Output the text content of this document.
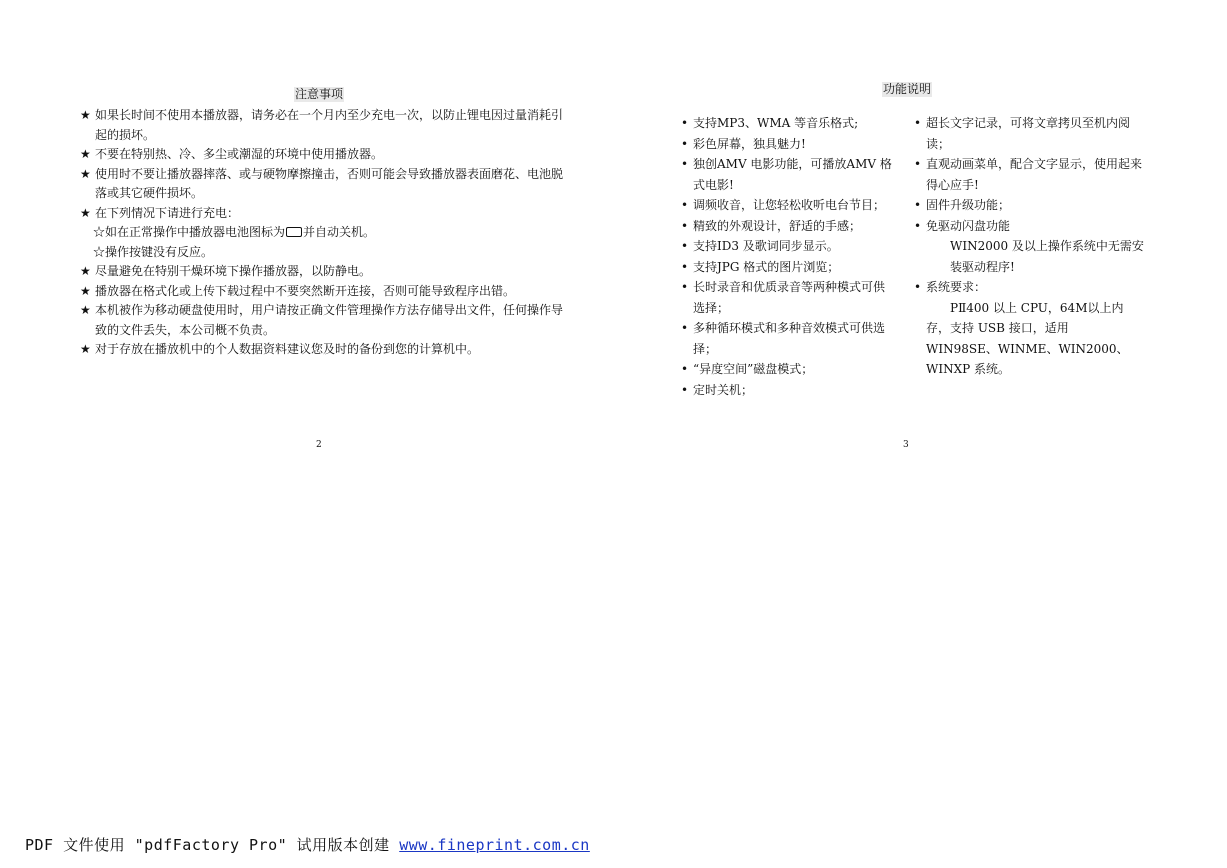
注意事项
★ 如果长时间不使用本播放器，请务必在一个月内至少充电一次，以防止锂电因过量消耗引起的损坏。
★ 不要在特别热、冷、多尘或潮湿的环境中使用播放器。
★ 使用时不要让播放器摔落、或与硬物摩擦撞击，否则可能会导致播放器表面磨花、电池脱落或其它硬件损坏。
★ 在下列情况下请进行充电：
☆如在正常操作中播放器电池图标为 并自动关机。
☆操作按键没有反应。
★ 尽量避免在特别干燥环境下操作播放器，以防静电。
★ 播放器在格式化或上传下载过程中不要突然断开连接，否则可能导致程序出错。
★ 本机被作为移动硬盘使用时，用户请按正确文件管理操作方法存储导出文件，任何操作导致的文件丢失，本公司概不负责。
★ 对于存放在播放机中的个人数据资料建议您及时的备份到您的计算机中。
2
功能说明
• 支持MP3、WMA 等音乐格式;
• 彩色屏幕，独具魅力!
• 独创AMV 电影功能，可播放AMV 格式电影!
• 调频收音，让您轻松收听电台节目；
• 精致的外观设计，舒适的手感；
• 支持ID3 及歌词同步显示。
• 支持JPG 格式的图片浏览；
• 长时录音和优质录音等两种模式可供选择；
• 多种循环模式和多种音效模式可供选择；
• “异度空间”磁盘模式；
• 定时关机；
• 超长文字记录，可将文章拷贝至机内阅读；
• 直观动画菜单，配合文字显示，使用起来得心应手!
• 固件升级功能；
• 免驱动闪盘功能
WIN2000 及以上操作系统中无需安装驱动程序!
• 系统要求：
PⅡ400 以上 CPU，64M以上内存，支持 USB 接口，适用 WIN98SE、WINME、WIN2000、WINXP 系统。
3
PDF 文件使用 "pdfFactory Pro" 试用版本创建 www.fineprint.com.cn
